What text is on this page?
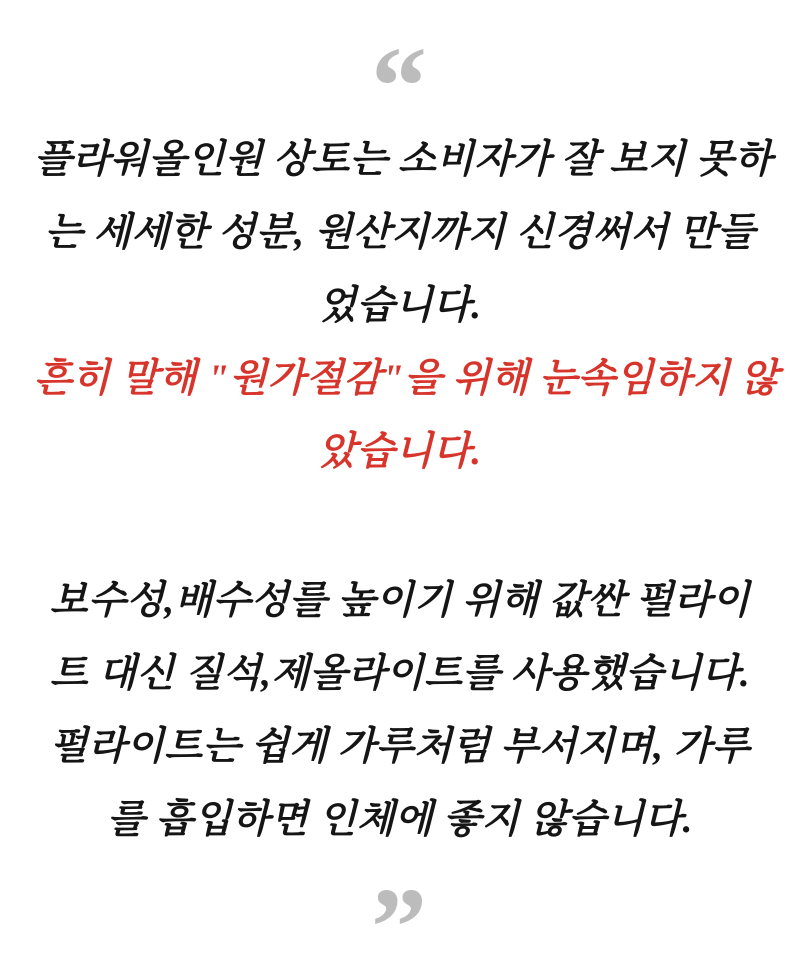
“

플라워올인원 상토는 소비자가 잘 보지 못하

는 세세한 성분, 원산지까지 신경써서 만들

었습니다.

흔히 말해 "원가절감"을 위해 눈속임하지 않

았습니다.

보수성,배수성를 높이기 위해 값싼 펄라이

트 대신 질석,제올라이트를 사용했습니다.

펄라이트는 쉽게 가루처럼 부서지며, 가루

를 흡입하면 인체에 좋지 않습니다.

”
